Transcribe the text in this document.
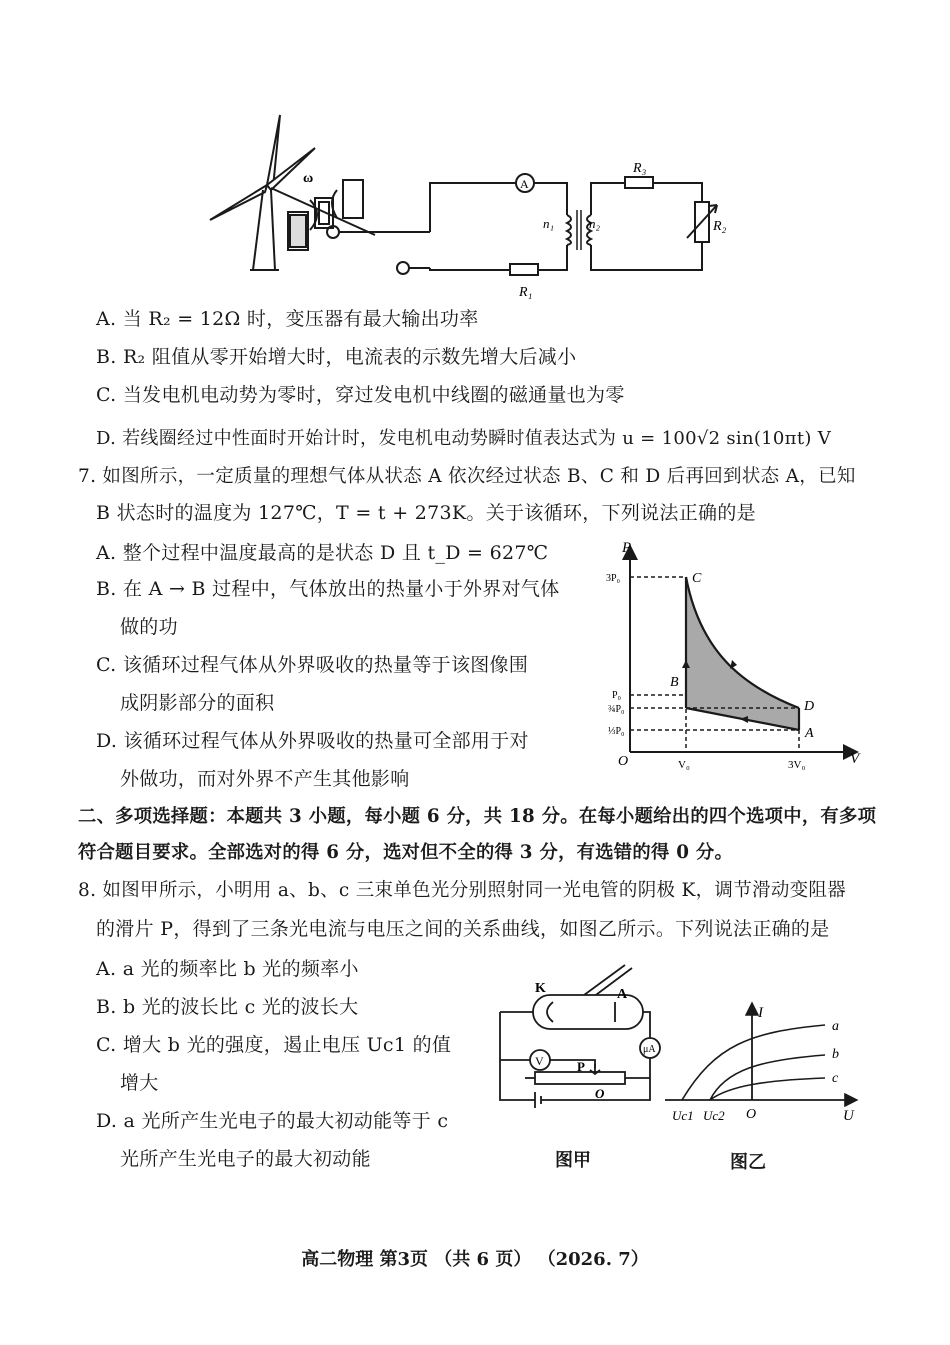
ω	A
n₁	n₂
R₃
R₂
R₁
A. 当 R₂ = 12Ω 时，变压器有最大输出功率
B. R₂ 阻值从零开始增大时，电流表的示数先增大后减小
C. 当发电机电动势为零时，穿过发电机中线圈的磁通量也为零
D. 若线圈经过中性面时开始计时，发电机电动势瞬时值表达式为 u = 100√2 sin(10πt) V
7. 如图所示，一定质量的理想气体从状态 A 依次经过状态 B、C 和 D 后再回到状态 A，已知
B 状态时的温度为 127℃，T = t + 273K。关于该循环，下列说法正确的是
A. 整个过程中温度最高的是状态 D 且 t_D = 627℃
B. 在 A → B 过程中，气体放出的热量小于外界对气体
做的功
C. 该循环过程气体从外界吸收的热量等于该图像围
成阴影部分的面积
D. 该循环过程气体从外界吸收的热量可全部用于对
外做功，而对外界不产生其他影响
P
V
O
3P₀
P₀
¾P₀
⅓P₀
V₀	3V₀
A
B
C
D
二、多项选择题：本题共 3 小题，每小题 6 分，共 18 分。在每小题给出的四个选项中，有多项
符合题目要求。全部选对的得 6 分，选对但不全的得 3 分，有选错的得 0 分。
8. 如图甲所示，小明用 a、b、c 三束单色光分别照射同一光电管的阴极 K，调节滑动变阻器
的滑片 P，得到了三条光电流与电压之间的关系曲线，如图乙所示。下列说法正确的是
A. a 光的频率比 b 光的频率小
B. b 光的波长比 c 光的波长大
C. 增大 b 光的强度，遏止电压 Uc1 的值
增大
D. a 光所产生光电子的最大初动能等于 c
光所产生光电子的最大初动能
K	A
μA
V	P
O
图甲
I
U
O
Uc1 Uc2
a
b
c
图乙
高二物理 第3页 （共 6 页） （2026. 7）
